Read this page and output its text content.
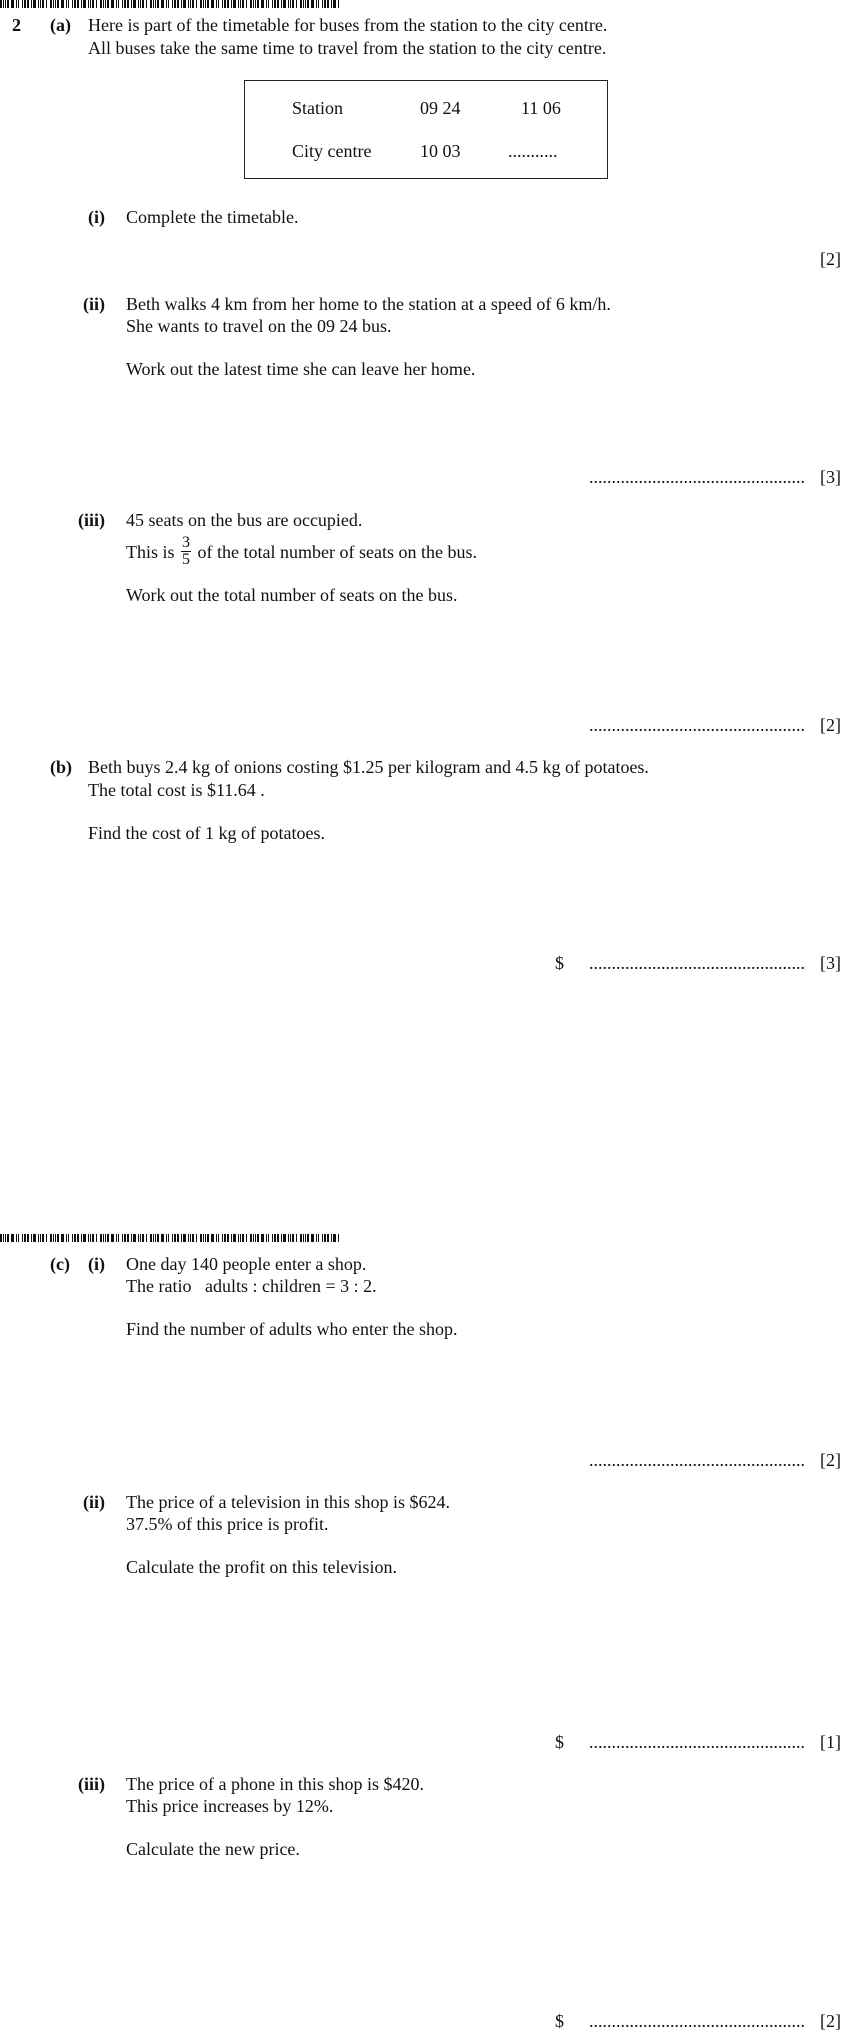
2 (a) Here is part of the timetable for buses from the station to the city centre.
All buses take the same time to travel from the station to the city centre.
Station	09 24	11 06
City centre	10 03	...........
(i) Complete the timetable.
[2]
(ii) Beth walks 4 km from her home to the station at a speed of 6 km/h.
She wants to travel on the 09 24 bus.
Work out the latest time she can leave her home.
................................................ [3]
(iii) 45 seats on the bus are occupied.
This is $\frac{3}{5}$ of the total number of seats on the bus.
Work out the total number of seats on the bus.
................................................ [2]
(b) Beth buys 2.4 kg of onions costing $1.25 per kilogram and 4.5 kg of potatoes.
The total cost is $11.64 .
Find the cost of 1 kg of potatoes.
$ ................................................ [3]
(c) (i) One day 140 people enter a shop.
The ratio   adults : children = 3 : 2.
Find the number of adults who enter the shop.
................................................ [2]
(ii) The price of a television in this shop is $624.
37.5% of this price is profit.
Calculate the profit on this television.
$ ................................................ [1]
(iii) The price of a phone in this shop is $420.
This price increases by 12%.
Calculate the new price.
$ ................................................ [2]
